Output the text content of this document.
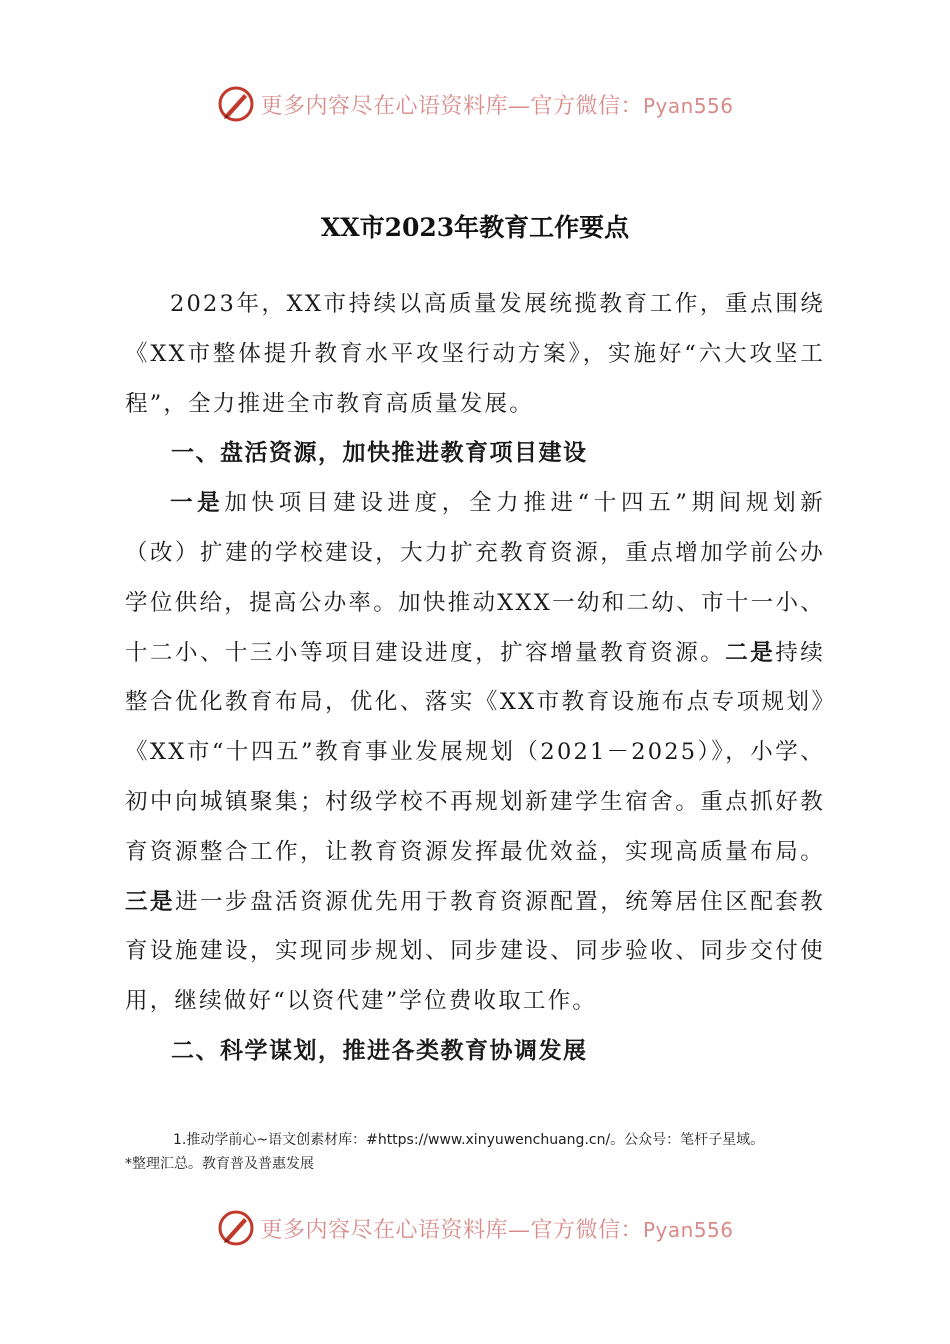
更多内容尽在心语资料库—官方微信：Pyan556
XX市2023年教育工作要点

2023年，XX市持续以高质量发展统揽教育工作，重点围绕《XX市整体提升教育水平攻坚行动方案》，实施好“六大攻坚工程”，全力推进全市教育高质量发展。

一、盘活资源，加快推进教育项目建设

一是加快项目建设进度，全力推进“十四五”期间规划新（改）扩建的学校建设，大力扩充教育资源，重点增加学前公办学位供给，提高公办率。加快推动XXX一幼和二幼、市十一小、十二小、十三小等项目建设进度，扩容增量教育资源。二是持续整合优化教育布局，优化、落实《XX市教育设施布点专项规划》《XX市“十四五”教育事业发展规划（2021－2025）》，小学、初中向城镇聚集；村级学校不再规划新建学生宿舍。重点抓好教育资源整合工作，让教育资源发挥最优效益，实现高质量布局。三是进一步盘活资源优先用于教育资源配置，统筹居住区配套教育设施建设，实现同步规划、同步建设、同步验收、同步交付使用，继续做好“以资代建”学位费收取工作。

二、科学谋划，推进各类教育协调发展

1.推动学前心~语文创素材库：#https://www.xinyuwenchuang.cn/。公众号：笔杆子星域。
*整理汇总。教育普及普惠发展
更多内容尽在心语资料库—官方微信：Pyan556
